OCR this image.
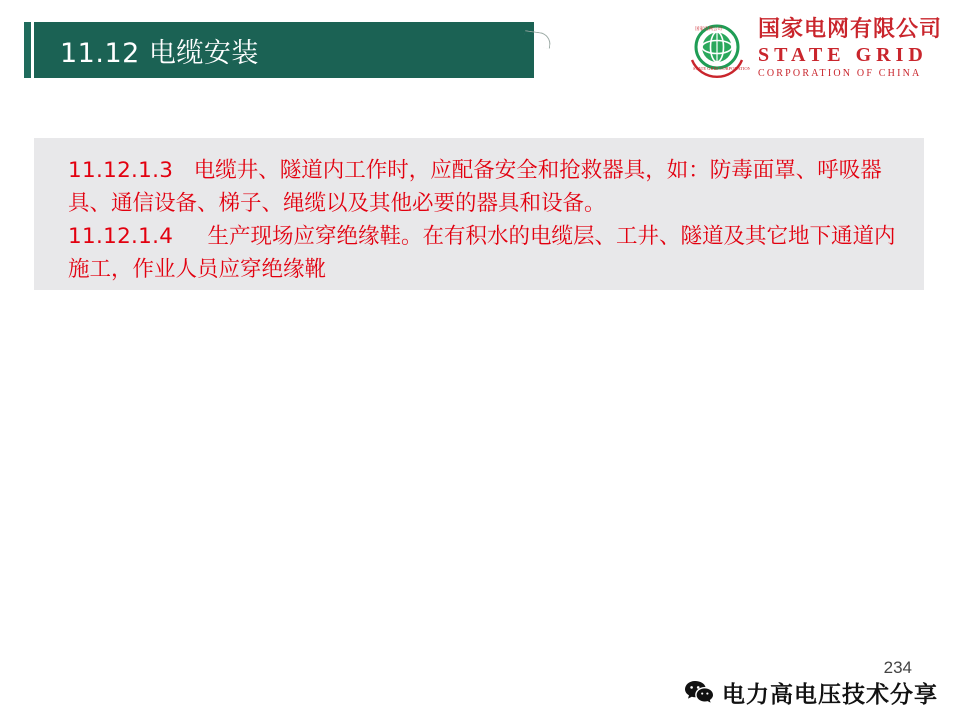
11.12 电缆安装	STATE GRID CORPORATION
国家电网公司 国家电网有限公司
STATE GRID
CORPORATION OF CHINA

11.12.1.3 电缆井、隧道内工作时，应配备安全和抢救器具，如：防毒面罩、呼吸器具、通信设备、梯子、绳缆以及其他必要的器具和设备。

11.12.1.4 生产现场应穿绝缘鞋。在有积水的电缆层、工井、隧道及其它地下通道内施工，作业人员应穿绝缘靴

234
电力高电压技术分享
